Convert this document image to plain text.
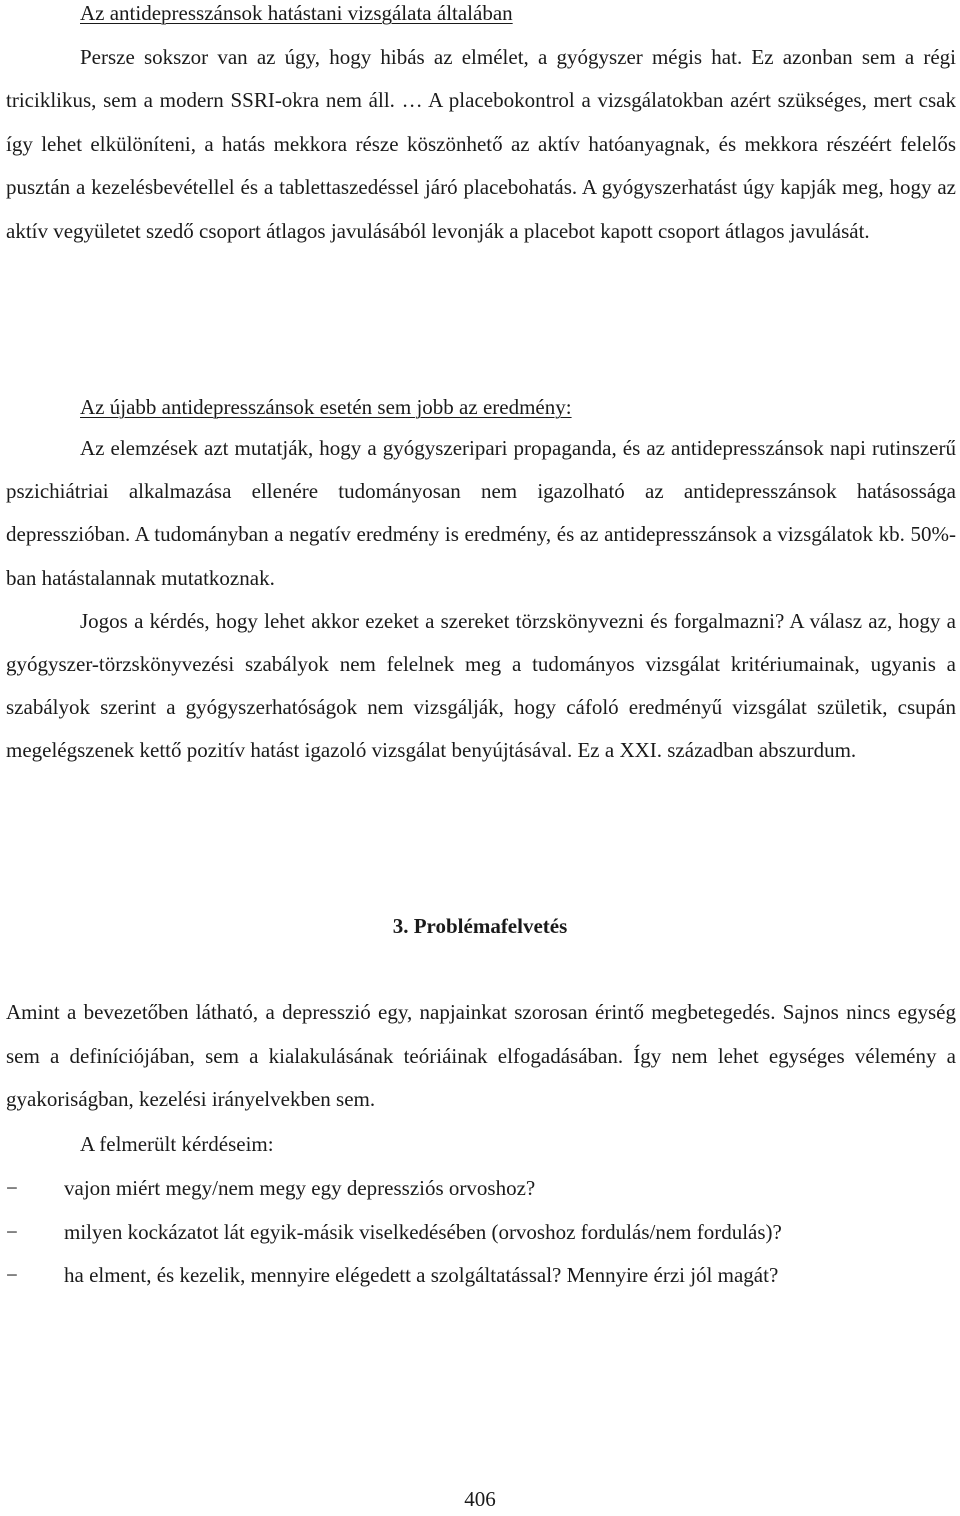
Az antidepresszánsok hatástani vizsgálata általában

Persze sokszor van az úgy, hogy hibás az elmélet, a gyógyszer mégis hat. Ez azonban sem a régi triciklikus, sem a modern SSRI-okra nem áll. … A placebokontrol a vizsgálatokban azért szükséges, mert csak így lehet elkülöníteni, a hatás mekkora része köszönhető az aktív hatóanyagnak, és mekkora részéért felelős pusztán a kezelésbevétellel és a tablettaszedéssel járó placebohatás. A gyógyszerhatást úgy kapják meg, hogy az aktív vegyületet szedő csoport átlagos javulásából levonják a placebot kapott csoport átlagos javulását.

Az újabb antidepresszánsok esetén sem jobb az eredmény:

Az elemzések azt mutatják, hogy a gyógyszeripari propaganda, és az antidepresszánsok napi rutinszerű pszichiátriai alkalmazása ellenére tudományosan nem igazolható az antidepresszánsok hatásossága depresszióban. A tudományban a negatív eredmény is eredmény, és az antidepresszánsok a vizsgálatok kb. 50%-ban hatástalannak mutatkoznak.

Jogos a kérdés, hogy lehet akkor ezeket a szereket törzskönyvezni és forgalmazni? A válasz az, hogy a gyógyszer-törzskönyvezési szabályok nem felelnek meg a tudományos vizsgálat kritériumainak, ugyanis a szabályok szerint a gyógyszerhatóságok nem vizsgálják, hogy cáfoló eredményű vizsgálat születik, csupán megelégszenek kettő pozitív hatást igazoló vizsgálat benyújtásával. Ez a XXI. században abszurdum.

3. Problémafelvetés

Amint a bevezetőben látható, a depresszió egy, napjainkat szorosan érintő megbetegedés. Sajnos nincs egység sem a definíciójában, sem a kialakulásának teóriáinak elfogadásában. Így nem lehet egységes vélemény a gyakoriságban, kezelési irányelvekben sem.

A felmerült kérdéseim:
− vajon miért megy/nem megy egy depressziós orvoshoz?
− milyen kockázatot lát egyik-másik viselkedésében (orvoshoz fordulás/nem fordulás)?
− ha elment, és kezelik, mennyire elégedett a szolgáltatással? Mennyire érzi jól magát?
406
